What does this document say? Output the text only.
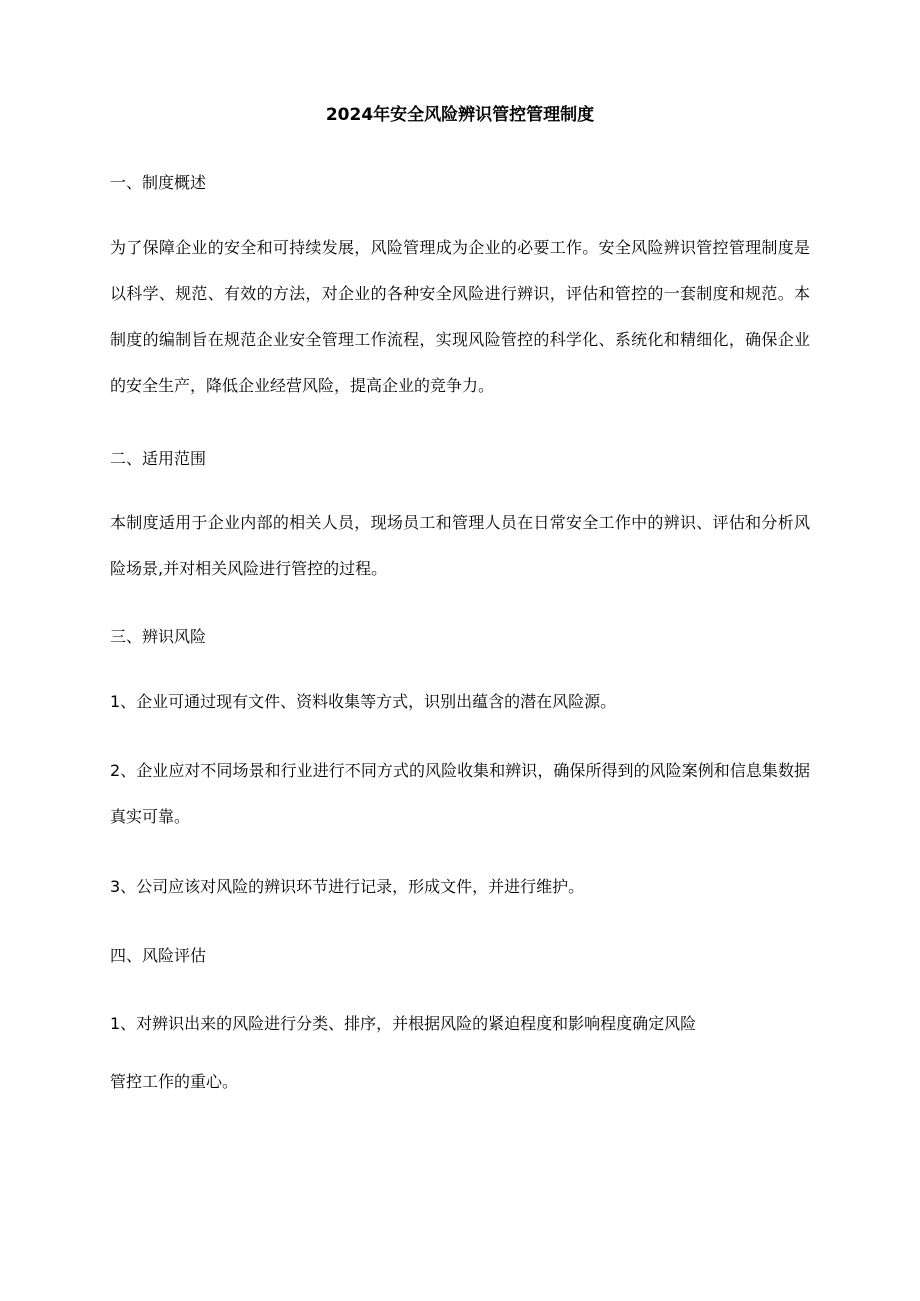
2024年安全风险辨识管控管理制度
一、制度概述

为了保障企业的安全和可持续发展，风险管理成为企业的必要工作。安全风险辨识管控管理制度是以科学、规范、有效的方法，对企业的各种安全风险进行辨识，评估和管控的一套制度和规范。本制度的编制旨在规范企业安全管理工作流程，实现风险管控的科学化、系统化和精细化，确保企业的安全生产，降低企业经营风险，提高企业的竞争力。

二、适用范围

本制度适用于企业内部的相关人员，现场员工和管理人员在日常安全工作中的辨识、评估和分析风险场景,并对相关风险进行管控的过程。

三、辨识风险
1、企业可通过现有文件、资料收集等方式，识别出蕴含的潜在风险源。

2、企业应对不同场景和行业进行不同方式的风险收集和辨识，确保所得到的风险案例和信息集数据真实可靠。

3、公司应该对风险的辨识环节进行记录，形成文件，并进行维护。
四、风险评估
1、对辨识出来的风险进行分类、排序，并根据风险的紧迫程度和影响程度确定风险
管控工作的重心。
